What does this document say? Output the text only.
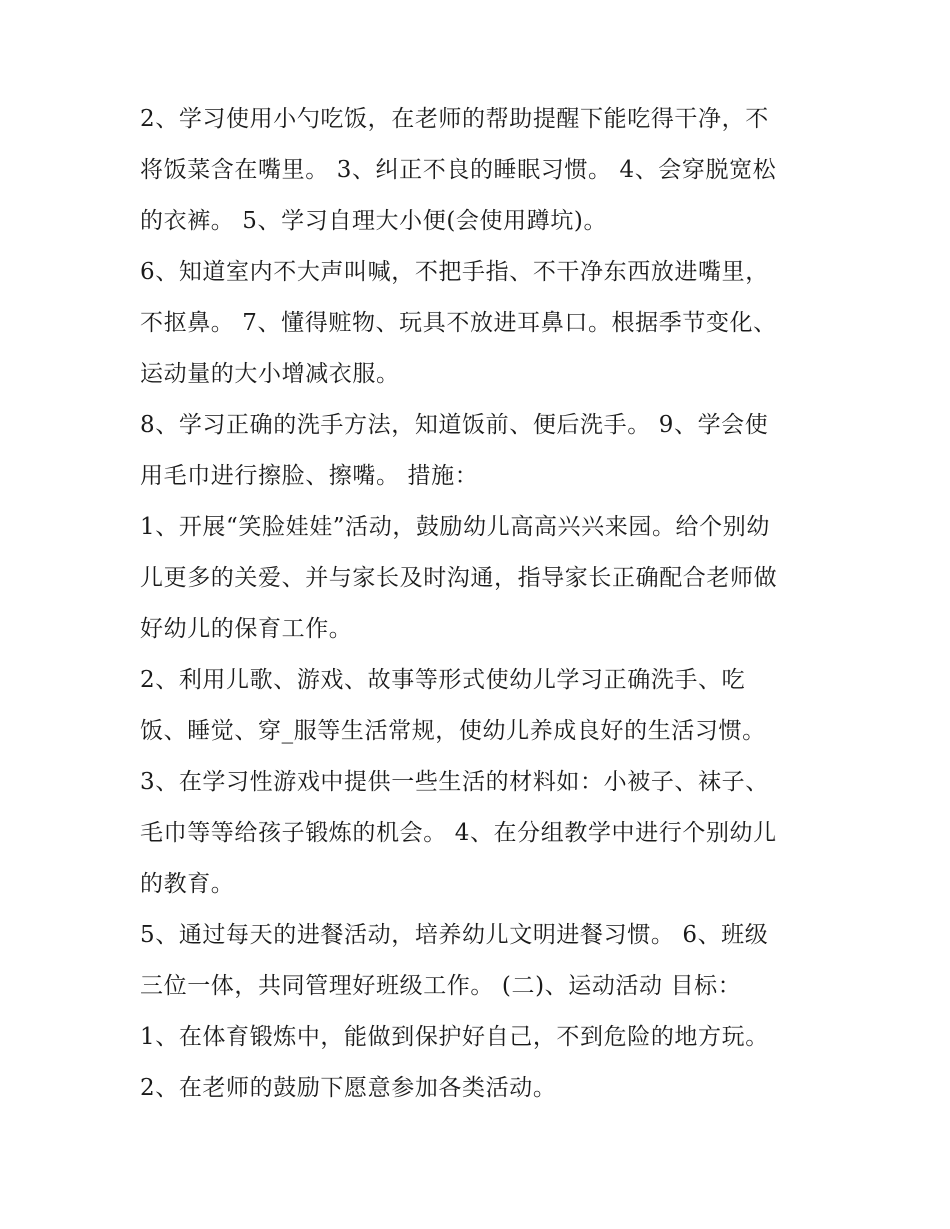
2、学习使用小勺吃饭，在老师的帮助提醒下能吃得干净，不
将饭菜含在嘴里。 3、纠正不良的睡眠习惯。 4、会穿脱宽松
的衣裤。 5、学习自理大小便(会使用蹲坑)。
6、知道室内不大声叫喊，不把手指、不干净东西放进嘴里，
不抠鼻。 7、懂得赃物、玩具不放进耳鼻口。根据季节变化、
运动量的大小增减衣服。
8、学习正确的洗手方法，知道饭前、便后洗手。 9、学会使
用毛巾进行擦脸、擦嘴。 措施：
1、开展“笑脸娃娃”活动，鼓励幼儿高高兴兴来园。给个别幼
儿更多的关爱、并与家长及时沟通，指导家长正确配合老师做
好幼儿的保育工作。
2、利用儿歌、游戏、故事等形式使幼儿学习正确洗手、吃
饭、睡觉、穿_服等生活常规，使幼儿养成良好的生活习惯。
3、在学习性游戏中提供一些生活的材料如：小被子、袜子、
毛巾等等给孩子锻炼的机会。 4、在分组教学中进行个别幼儿
的教育。
5、通过每天的进餐活动，培养幼儿文明进餐习惯。 6、班级
三位一体，共同管理好班级工作。 (二)、运动活动 目标：
1、在体育锻炼中，能做到保护好自己，不到危险的地方玩。
2、在老师的鼓励下愿意参加各类活动。
